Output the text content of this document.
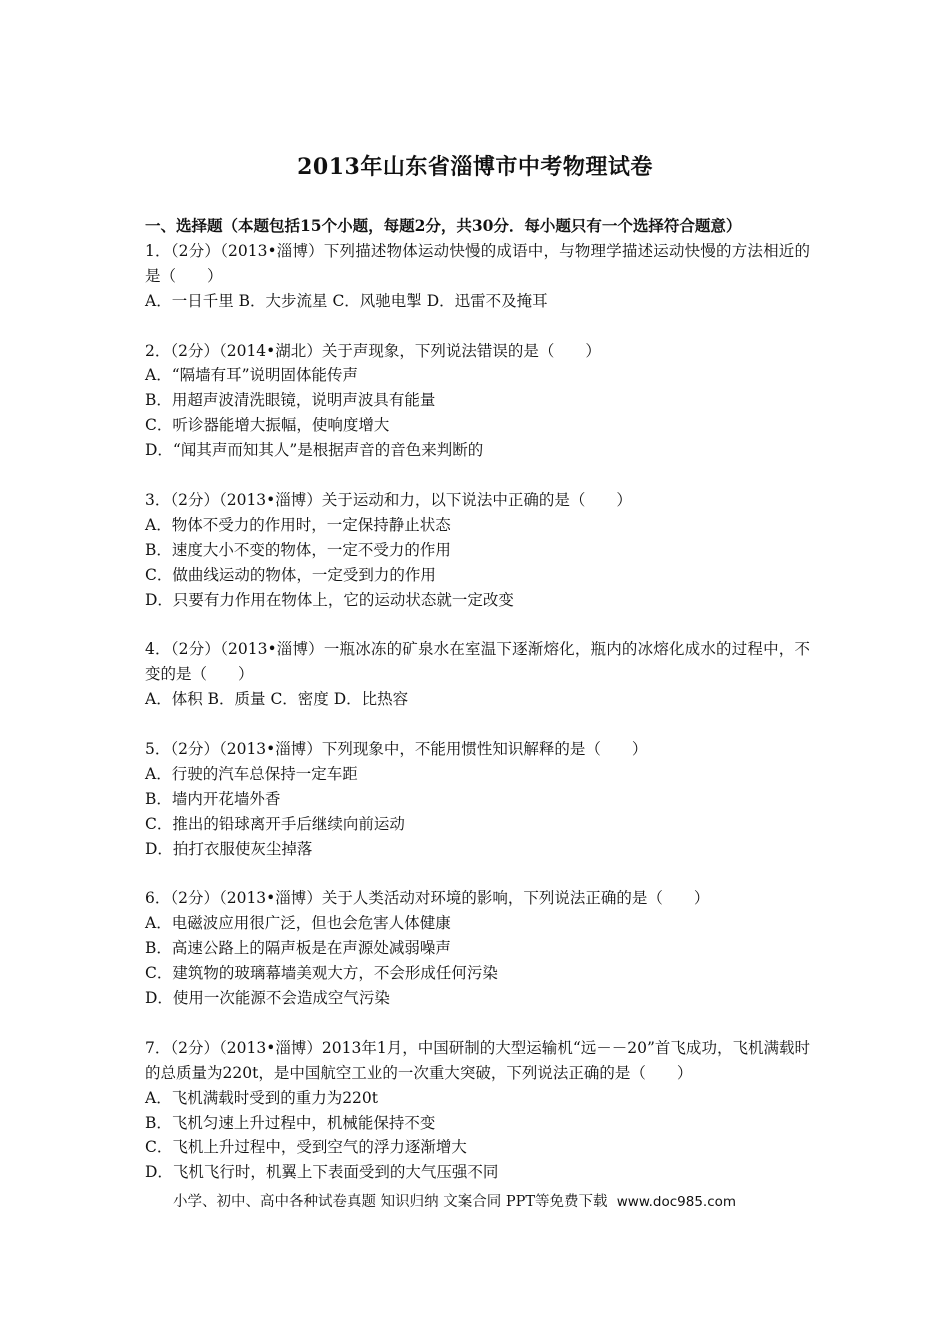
2013年山东省淄博市中考物理试卷
一、选择题（本题包括15个小题，每题2分，共30分．每小题只有一个选择符合题意）
1．（2分）（2013•淄博）下列描述物体运动快慢的成语中，与物理学描述运动快慢的方法相近的是（　　）
A．一日千里 B．大步流星 C．风驰电掣 D．迅雷不及掩耳
2．（2分）（2014•湖北）关于声现象，下列说法错误的是（　　）
A．“隔墙有耳”说明固体能传声
B．用超声波清洗眼镜，说明声波具有能量
C．听诊器能增大振幅，使响度增大
D．“闻其声而知其人”是根据声音的音色来判断的
3．（2分）（2013•淄博）关于运动和力，以下说法中正确的是（　　）
A．物体不受力的作用时，一定保持静止状态
B．速度大小不变的物体，一定不受力的作用
C．做曲线运动的物体，一定受到力的作用
D．只要有力作用在物体上，它的运动状态就一定改变
4．（2分）（2013•淄博）一瓶冰冻的矿泉水在室温下逐渐熔化，瓶内的冰熔化成水的过程中，不变的是（　　）
A．体积 B．质量 C．密度 D．比热容
5．（2分）（2013•淄博）下列现象中，不能用惯性知识解释的是（　　）
A．行驶的汽车总保持一定车距
B．墙内开花墙外香
C．推出的铅球离开手后继续向前运动
D．拍打衣服使灰尘掉落
6．（2分）（2013•淄博）关于人类活动对环境的影响，下列说法正确的是（　　）
A．电磁波应用很广泛，但也会危害人体健康
B．高速公路上的隔声板是在声源处减弱噪声
C．建筑物的玻璃幕墙美观大方，不会形成任何污染
D．使用一次能源不会造成空气污染
7．（2分）（2013•淄博）2013年1月，中国研制的大型运输机“远－－20”首飞成功，飞机满载时的总质量为220t，是中国航空工业的一次重大突破，下列说法正确的是（　　）
A．飞机满载时受到的重力为220t
B．飞机匀速上升过程中，机械能保持不变
C．飞机上升过程中，受到空气的浮力逐渐增大
D．飞机飞行时，机翼上下表面受到的大气压强不同
小学、初中、高中各种试卷真题 知识归纳 文案合同 PPT等免费下载 www.doc985.com
